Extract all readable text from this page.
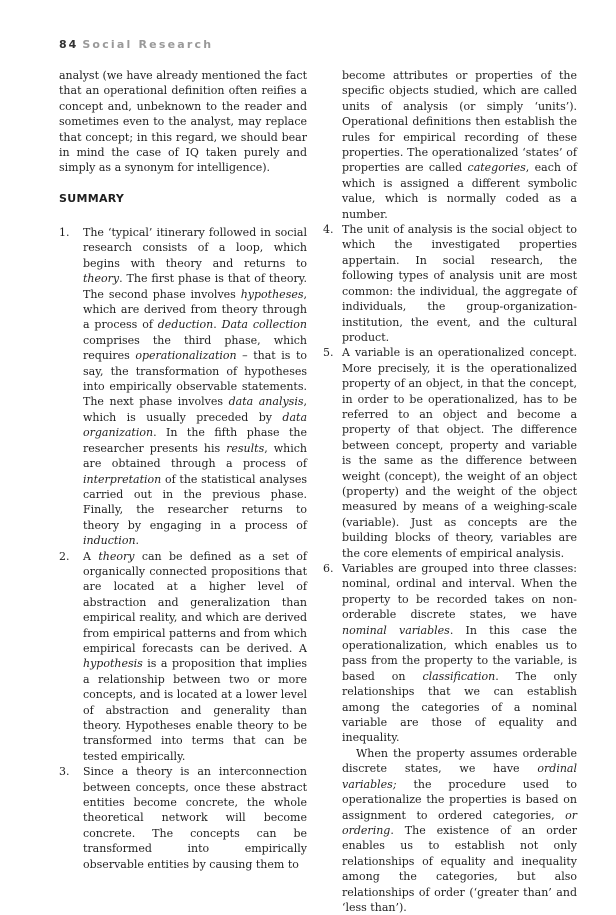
84 Social Research

analyst (we have already mentioned the fact that an operational definition often reifies a concept and, unbeknown to the reader and sometimes even to the analyst, may replace that concept; in this regard, we should bear in mind the case of IQ taken purely and simply as a synonym for intelligence).

SUMMARY
1. The ‘typical’ itinerary followed in social research consists of a loop, which begins with theory and returns to theory. The first phase is that of theory. The second phase involves hypotheses, which are derived from theory through a process of deduction. Data collection comprises the third phase, which requires operationalization – that is to say, the transformation of hypotheses into empirically observable statements. The next phase involves data analysis, which is usually preceded by data organization. In the fifth phase the researcher presents his results, which are obtained through a process of interpretation of the statistical analyses carried out in the previous phase. Finally, the researcher returns to theory by engaging in a process of induction.

2. A theory can be defined as a set of organically connected propositions that are located at a higher level of abstraction and generalization than empirical reality, and which are derived from empirical patterns and from which empirical forecasts can be derived. A hypothesis is a proposition that implies a relationship between two or more concepts, and is located at a lower level of abstraction and generality than theory. Hypotheses enable theory to be transformed into terms that can be tested empirically.

3. Since a theory is an interconnection between concepts, once these abstract entities become concrete, the whole theoretical network will become concrete. The concepts can be transformed into empirically observable entities by causing them to

become attributes or properties of the specific objects studied, which are called units of analysis (or simply ‘units’). Operational definitions then establish the rules for empirical recording of these properties. The operationalized ‘states’ of properties are called categories, each of which is assigned a different symbolic value, which is normally coded as a number.

4. The unit of analysis is the social object to which the investigated properties appertain. In social research, the following types of analysis unit are most common: the individual, the aggregate of individuals, the group-organization-institution, the event, and the cultural product.

5. A variable is an operationalized concept. More precisely, it is the operationalized property of an object, in that the concept, in order to be operationalized, has to be referred to an object and become a property of that object. The difference between concept, property and variable is the same as the difference between weight (concept), the weight of an object (property) and the weight of the object measured by means of a weighing-scale (variable). Just as concepts are the building blocks of theory, variables are the core elements of empirical analysis.

6. Variables are grouped into three classes: nominal, ordinal and interval. When the property to be recorded takes on non-orderable discrete states, we have nominal variables. In this case the operationalization, which enables us to pass from the property to the variable, is based on classification. The only relationships that we can establish among the categories of a nominal variable are those of equality and inequality.

When the property assumes orderable discrete states, we have ordinal variables; the procedure used to operationalize the properties is based on assignment to ordered categories, or ordering. The existence of an order enables us to establish not only relationships of equality and inequality among the categories, but also relationships of order (‘greater than’ and ‘less than’).
